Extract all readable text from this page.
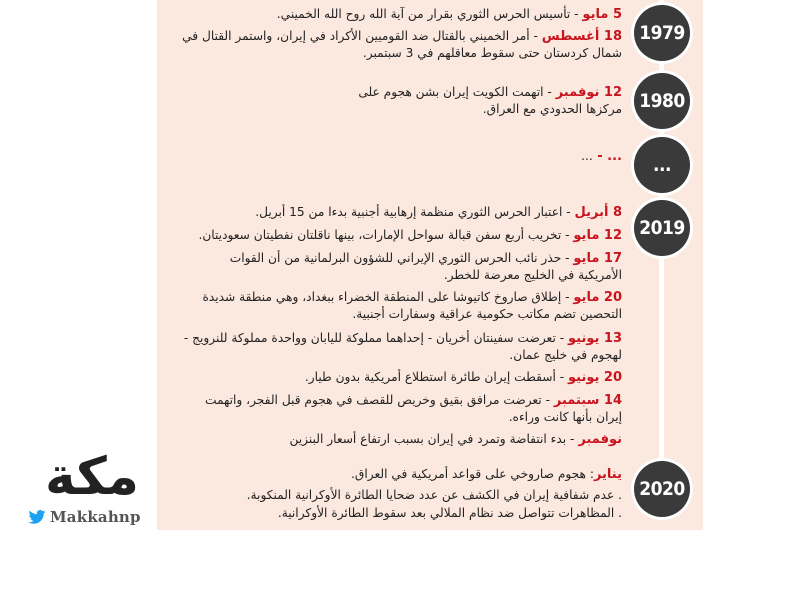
1979
1980
...
2019
2020
5 مايو - تأسيس الحرس الثوري بقرار من آية الله روح الله الخميني.
18 أغسطس - أمر الخميني بالقتال ضد القوميين الأكراد في إيران، واستمر القتال في شمال كردستان حتى سقوط معاقلهم في 3 سبتمبر.
12 نوفمبر - اتهمت الكويت إيران بشن هجوم على مركزها الحدودي مع العراق.
... - ...
8 أبريل - اعتبار الحرس الثوري منظمة إرهابية أجنبية بدءا من 15 أبريل.
12 مايو - تخريب أربع سفن قبالة سواحل الإمارات، بينها ناقلتان نفطيتان سعوديتان.
17 مايو - حذر نائب الحرس الثوري الإيراني للشؤون البرلمانية من أن القوات الأمريكية في الخليج معرضة للخطر.
20 مايو - إطلاق صاروخ كاتيوشا على المنطقة الخضراء ببغداد، وهي منطقة شديدة التحصين تضم مكاتب حكومية عراقية وسفارات أجنبية.
13 يونيو - تعرضت سفينتان أخريان - إحداهما مملوكة لليابان وواحدة مملوكة للنرويج - لهجوم في خليج عمان.
20 يونيو - أسقطت إيران طائرة استطلاع أمريكية بدون طيار.
14 سبتمبر - تعرضت مرافق بقيق وخريص للقصف في هجوم قبل الفجر، واتهمت إيران بأنها كانت وراءه.
نوفمبر - بدء انتفاضة وتمرد في إيران بسبب ارتفاع أسعار البنزين
يناير: هجوم صاروخي على قواعد أمريكية في العراق.
. عدم شفافية إيران في الكشف عن عدد ضحايا الطائرة الأوكرانية المنكوبة.
. المظاهرات تتواصل ضد نظام الملالي بعد سقوط الطائرة الأوكرانية.
مكة
Makkahnp
